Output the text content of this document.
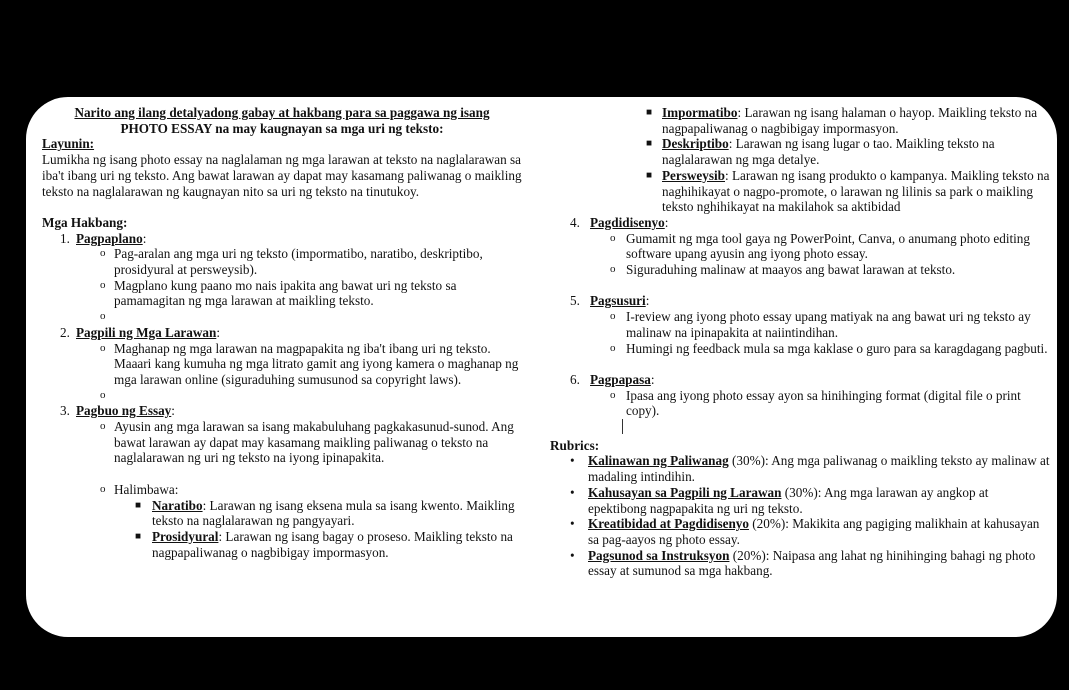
Narito ang ilang detalyadong gabay at hakbang para sa paggawa ng isang
PHOTO ESSAY na may kaugnayan sa mga uri ng teksto:
Layunin:
Lumikha ng isang photo essay na naglalaman ng mga larawan at teksto na naglalarawan sa iba't ibang uri ng teksto. Ang bawat larawan ay dapat may kasamang paliwanag o maikling teksto na naglalarawan ng kaugnayan nito sa uri ng teksto na tinutukoy.
Mga Hakbang:
1. Pagpaplano:
o Pag-aralan ang mga uri ng teksto (impormatibo, naratibo, deskriptibo, prosidyural at persweysib).
o Magplano kung paano mo nais ipakita ang bawat uri ng teksto sa pamamagitan ng mga larawan at maikling teksto.
o

2. Pagpili ng Mga Larawan:
o Maghanap ng mga larawan na magpapakita ng iba't ibang uri ng teksto. Maaari kang kumuha ng mga litrato gamit ang iyong kamera o maghanap ng mga larawan online (siguraduhing sumusunod sa copyright laws).
o

3. Pagbuo ng Essay:
o Ayusin ang mga larawan sa isang makabuluhang pagkakasunud-sunod. Ang bawat larawan ay dapat may kasamang maikling paliwanag o teksto na naglalarawan ng uri ng teksto na iyong ipinapakita.
o Halimbawa:
■ Naratibo: Larawan ng isang eksena mula sa isang kwento. Maikling teksto na naglalarawan ng pangyayari.
■ Prosidyural: Larawan ng isang bagay o proseso. Maikling teksto na nagpapaliwanag o nagbibigay impormasyon.
■ Impormatibo: Larawan ng isang halaman o hayop. Maikling teksto na nagpapaliwanag o nagbibigay impormasyon.
■ Deskriptibo: Larawan ng isang lugar o tao. Maikling teksto na naglalarawan ng mga detalye.
■ Persweysib: Larawan ng isang produkto o kampanya. Maikling teksto na naghihikayat o nagpo-promote, o larawan ng lilinis sa park o maikling teksto nghihikayat na makilahok sa aktibidad
4. Pagdidisenyo:
o Gumamit ng mga tool gaya ng PowerPoint, Canva, o anumang photo editing software upang ayusin ang iyong photo essay.
o Siguraduhing malinaw at maayos ang bawat larawan at teksto.
5. Pagsusuri:
o I-review ang iyong photo essay upang matiyak na ang bawat uri ng teksto ay malinaw na ipinapakita at naiintindihan.
o Humingi ng feedback mula sa mga kaklase o guro para sa karagdagang pagbuti.
6. Pagpapasa:
o Ipasa ang iyong photo essay ayon sa hinihinging format (digital file o print copy).
Rubrics:
• Kalinawan ng Paliwanag (30%): Ang mga paliwanag o maikling teksto ay malinaw at madaling intindihin.
• Kahusayan sa Pagpili ng Larawan (30%): Ang mga larawan ay angkop at epektibong nagpapakita ng uri ng teksto.
• Kreatibidad at Pagdidisenyo (20%): Makikita ang pagiging malikhain at kahusayan sa pag-aayos ng photo essay.
• Pagsunod sa Instruksyon (20%): Naipasa ang lahat ng hinihinging bahagi ng photo essay at sumunod sa mga hakbang.
